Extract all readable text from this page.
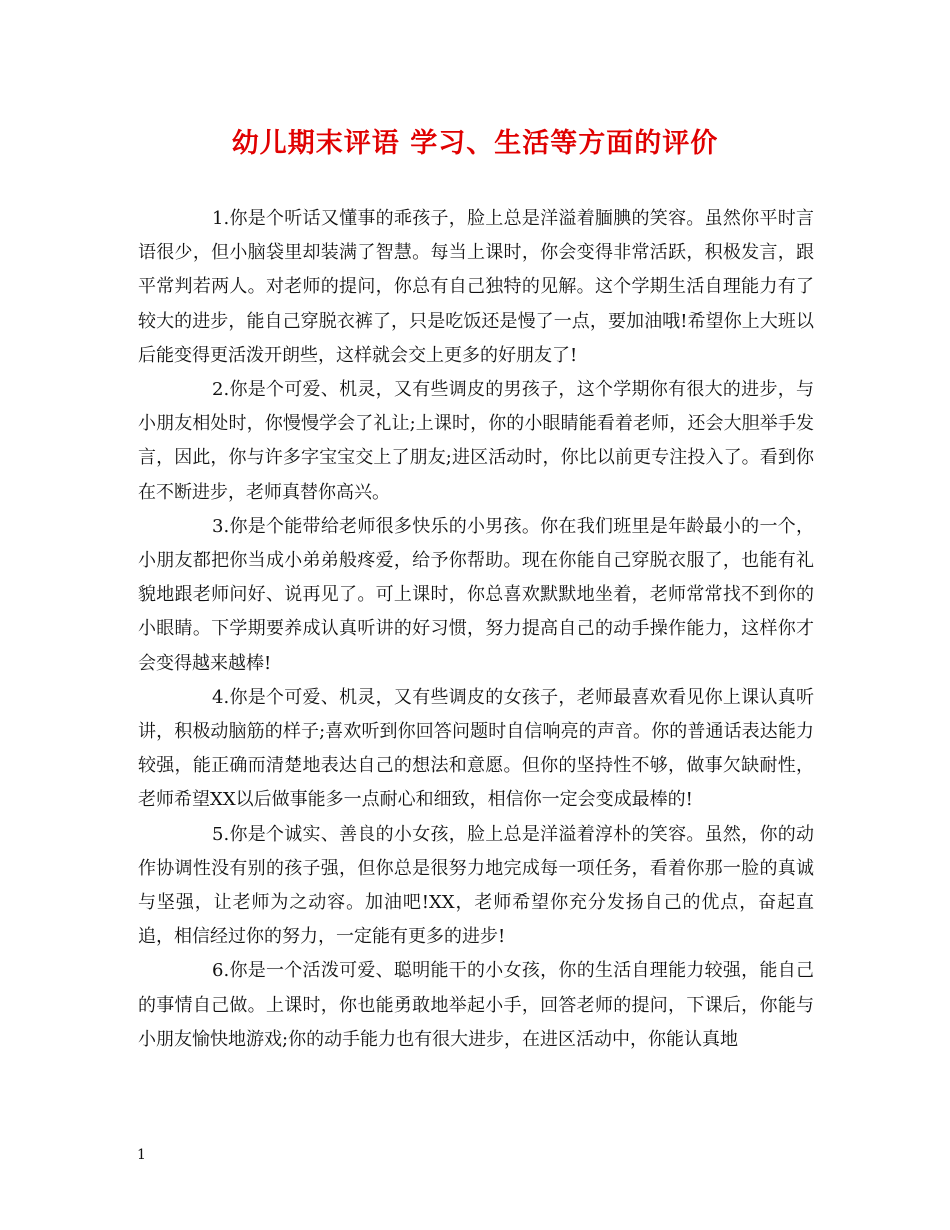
幼儿期末评语 学习、生活等方面的评价

1.你是个听话又懂事的乖孩子，脸上总是洋溢着腼腆的笑容。虽然你平时言语很少，但小脑袋里却装满了智慧。每当上课时，你会变得非常活跃，积极发言，跟平常判若两人。对老师的提问，你总有自己独特的见解。这个学期生活自理能力有了较大的进步，能自己穿脱衣裤了，只是吃饭还是慢了一点，要加油哦!希望你上大班以后能变得更活泼开朗些，这样就会交上更多的好朋友了!

2.你是个可爱、机灵，又有些调皮的男孩子，这个学期你有很大的进步，与小朋友相处时，你慢慢学会了礼让;上课时，你的小眼睛能看着老师，还会大胆举手发言，因此，你与许多字宝宝交上了朋友;进区活动时，你比以前更专注投入了。看到你在不断进步，老师真替你高兴。

3.你是个能带给老师很多快乐的小男孩。你在我们班里是年龄最小的一个，小朋友都把你当成小弟弟般疼爱，给予你帮助。现在你能自己穿脱衣服了，也能有礼貌地跟老师问好、说再见了。可上课时，你总喜欢默默地坐着，老师常常找不到你的小眼睛。下学期要养成认真听讲的好习惯，努力提高自己的动手操作能力，这样你才会变得越来越棒!

4.你是个可爱、机灵，又有些调皮的女孩子，老师最喜欢看见你上课认真听讲，积极动脑筋的样子;喜欢听到你回答问题时自信响亮的声音。你的普通话表达能力较强，能正确而清楚地表达自己的想法和意愿。但你的坚持性不够，做事欠缺耐性，老师希望XX以后做事能多一点耐心和细致，相信你一定会变成最棒的!

5.你是个诚实、善良的小女孩，脸上总是洋溢着淳朴的笑容。虽然，你的动作协调性没有别的孩子强，但你总是很努力地完成每一项任务，看着你那一脸的真诚与坚强，让老师为之动容。加油吧!XX，老师希望你充分发扬自己的优点，奋起直追，相信经过你的努力，一定能有更多的进步!

6.你是一个活泼可爱、聪明能干的小女孩，你的生活自理能力较强，能自己的事情自己做。上课时，你也能勇敢地举起小手，回答老师的提问，下课后，你能与小朋友愉快地游戏;你的动手能力也有很大进步，在进区活动中，你能认真地

1
